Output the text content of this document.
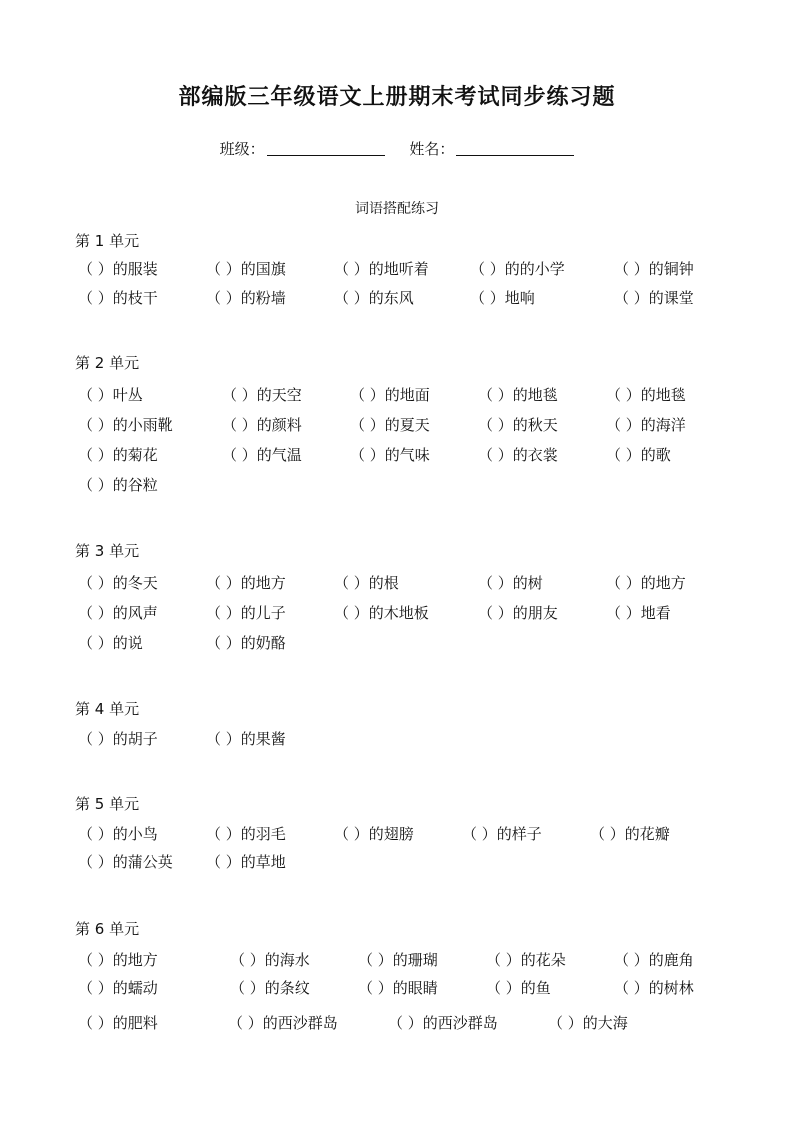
部编版三年级语文上册期末考试同步练习题
班级：	姓名：
词语搭配练习
第 1 单元
（ ）的服装	（ ）的国旗	（ ）的地听着	（ ）的的小学	（ ）的铜钟
（ ）的枝干	（ ）的粉墙	（ ）的东风	（ ）地响	（ ）的课堂
第 2 单元
（ ）叶丛	（ ）的天空	（ ）的地面	（ ）的地毯	（ ）的地毯
（ ）的小雨靴	（ ）的颜料	（ ）的夏天	（ ）的秋天	（ ）的海洋
（ ）的菊花	（ ）的气温	（ ）的气味	（ ）的衣裳	（ ）的歌
（ ）的谷粒
第 3 单元
（ ）的冬天	（ ）的地方	（ ）的根	（ ）的树	（ ）的地方
（ ）的风声	（ ）的儿子	（ ）的木地板	（ ）的朋友	（ ）地看
（ ）的说	（ ）的奶酪
第 4 单元
（ ）的胡子	（ ）的果酱
第 5 单元
（ ）的小鸟	（ ）的羽毛	（ ）的翅膀	（ ）的样子	（ ）的花瓣
（ ）的蒲公英 （ ）的草地
第 6 单元
（ ）的地方	（ ）的海水	（ ）的珊瑚	（ ）的花朵	（ ）的鹿角
（ ）的蠕动	（ ）的条纹	（ ）的眼睛	（ ）的鱼	（ ）的树林
（ ）的肥料	（ ）的西沙群岛	（ ）的西沙群岛	（ ）的大海
